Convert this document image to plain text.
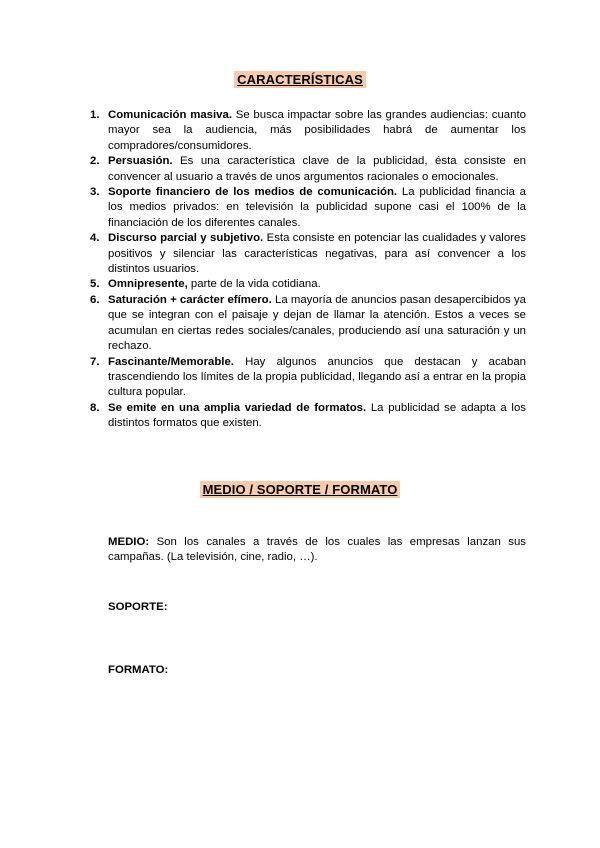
CARACTERÍSTICAS
1. Comunicación masiva. Se busca impactar sobre las grandes audiencias: cuanto mayor sea la audiencia, más posibilidades habrá de aumentar los compradores/consumidores.
2. Persuasión. Es una característica clave de la publicidad, ésta consiste en convencer al usuario a través de unos argumentos racionales o emocionales.
3. Soporte financiero de los medios de comunicación. La publicidad financia a los medios privados: en televisión la publicidad supone casi el 100% de la financiación de los diferentes canales.
4. Discurso parcial y subjetivo. Esta consiste en potenciar las cualidades y valores positivos y silenciar las características negativas, para así convencer a los distintos usuarios.
5. Omnipresente, parte de la vida cotidiana.
6. Saturación + carácter efímero. La mayoría de anuncios pasan desapercibidos ya que se integran con el paisaje y dejan de llamar la atención. Estos a veces se acumulan en ciertas redes sociales/canales, produciendo así una saturación y un rechazo.
7. Fascinante/Memorable. Hay algunos anuncios que destacan y acaban trascendiendo los límites de la propia publicidad, llegando así a entrar en la propia cultura popular.
8. Se emite en una amplia variedad de formatos. La publicidad se adapta a los distintos formatos que existen.
MEDIO / SOPORTE / FORMATO
MEDIO: Son los canales a través de los cuales las empresas lanzan sus campañas. (La televisión, cine, radio, …).
SOPORTE:
FORMATO:
